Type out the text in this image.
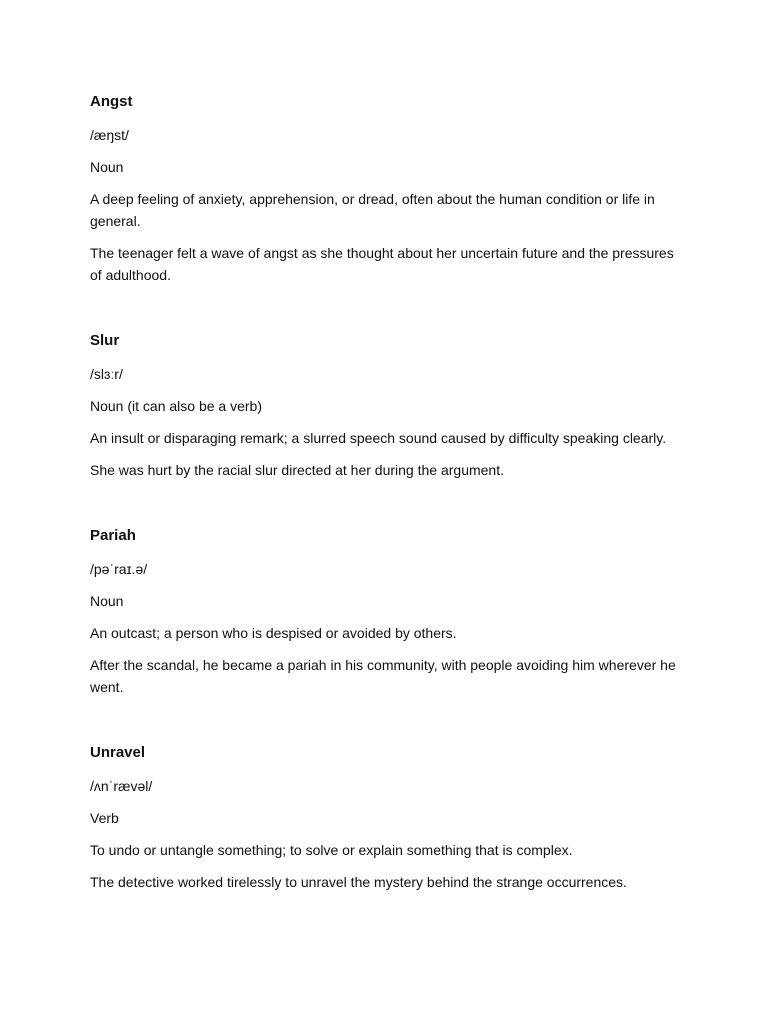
Angst
/æŋst/
Noun
A deep feeling of anxiety, apprehension, or dread, often about the human condition or life in general.
The teenager felt a wave of angst as she thought about her uncertain future and the pressures of adulthood.
Slur
/slɜːr/
Noun (it can also be a verb)
An insult or disparaging remark; a slurred speech sound caused by difficulty speaking clearly.
She was hurt by the racial slur directed at her during the argument.
Pariah
/pəˈraɪ.ə/
Noun
An outcast; a person who is despised or avoided by others.
After the scandal, he became a pariah in his community, with people avoiding him wherever he went.
Unravel
/ʌnˈrævəl/
Verb
To undo or untangle something; to solve or explain something that is complex.
The detective worked tirelessly to unravel the mystery behind the strange occurrences.
